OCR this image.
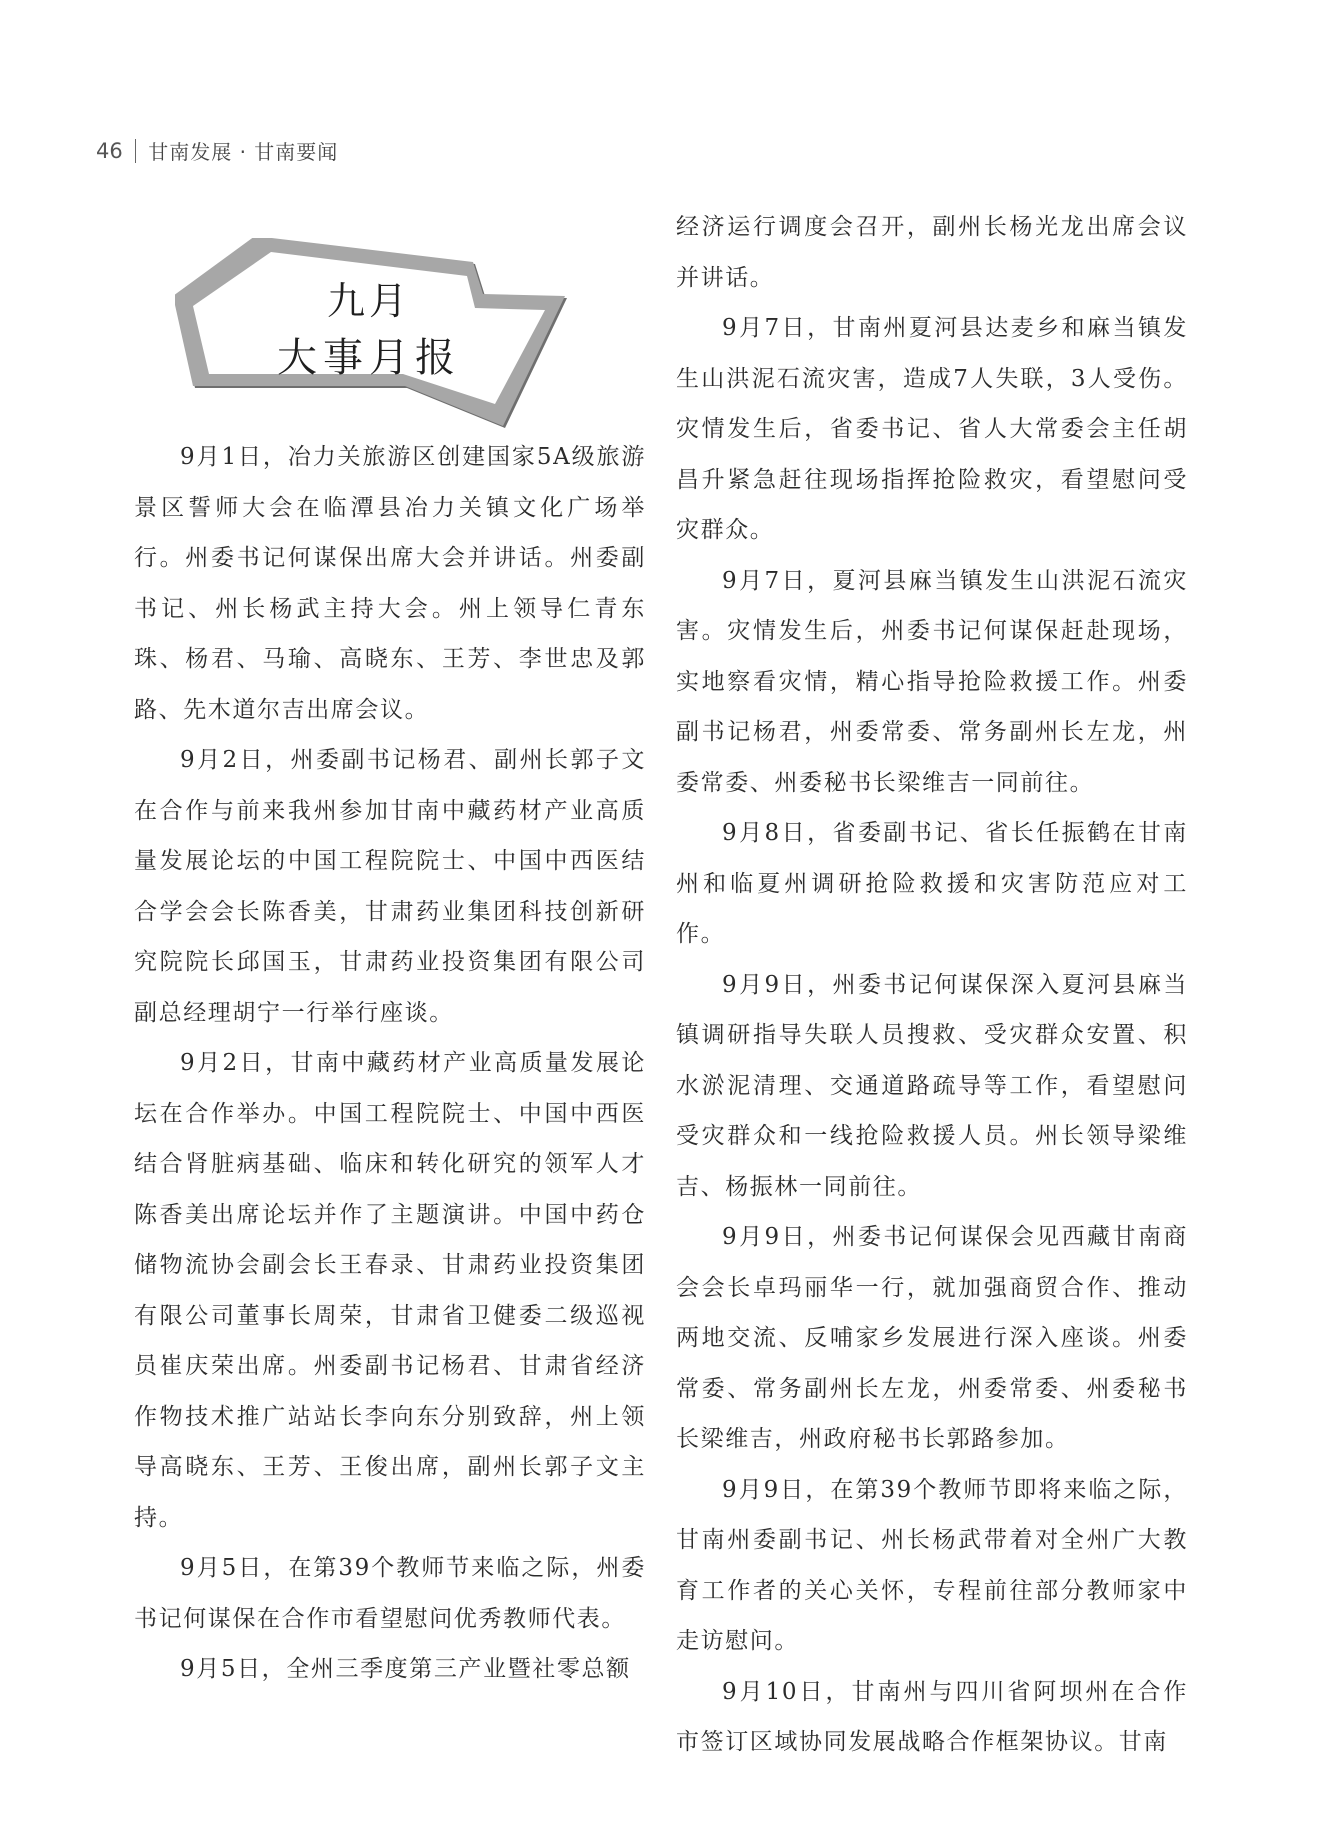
46 甘南发展 · 甘南要闻
九月
大事月报

9月1日，冶力关旅游区创建国家5A级旅游景区誓师大会在临潭县冶力关镇文化广场举行。州委书记何谋保出席大会并讲话。州委副书记、州长杨武主持大会。州上领导仁青东珠、杨君、马瑜、高晓东、王芳、李世忠及郭路、先木道尔吉出席会议。

9月2日，州委副书记杨君、副州长郭子文在合作与前来我州参加甘南中藏药材产业高质量发展论坛的中国工程院院士、中国中西医结合学会会长陈香美，甘肃药业集团科技创新研究院院长邱国玉，甘肃药业投资集团有限公司副总经理胡宁一行举行座谈。

9月2日，甘南中藏药材产业高质量发展论坛在合作举办。中国工程院院士、中国中西医结合肾脏病基础、临床和转化研究的领军人才陈香美出席论坛并作了主题演讲。中国中药仓储物流协会副会长王春录、甘肃药业投资集团有限公司董事长周荣，甘肃省卫健委二级巡视员崔庆荣出席。州委副书记杨君、甘肃省经济作物技术推广站站长李向东分别致辞，州上领导高晓东、王芳、王俊出席，副州长郭子文主持。

9月5日，在第39个教师节来临之际，州委书记何谋保在合作市看望慰问优秀教师代表。

9月5日，全州三季度第三产业暨社零总额

经济运行调度会召开，副州长杨光龙出席会议并讲话。

9月7日，甘南州夏河县达麦乡和麻当镇发生山洪泥石流灾害，造成7人失联，3人受伤。灾情发生后，省委书记、省人大常委会主任胡昌升紧急赶往现场指挥抢险救灾，看望慰问受灾群众。

9月7日，夏河县麻当镇发生山洪泥石流灾害。灾情发生后，州委书记何谋保赶赴现场，实地察看灾情，精心指导抢险救援工作。州委副书记杨君，州委常委、常务副州长左龙，州委常委、州委秘书长梁维吉一同前往。

9月8日，省委副书记、省长任振鹤在甘南州和临夏州调研抢险救援和灾害防范应对工作。

9月9日，州委书记何谋保深入夏河县麻当镇调研指导失联人员搜救、受灾群众安置、积水淤泥清理、交通道路疏导等工作，看望慰问受灾群众和一线抢险救援人员。州长领导梁维吉、杨振林一同前往。

9月9日，州委书记何谋保会见西藏甘南商会会长卓玛丽华一行，就加强商贸合作、推动两地交流、反哺家乡发展进行深入座谈。州委常委、常务副州长左龙，州委常委、州委秘书长梁维吉，州政府秘书长郭路参加。

9月9日，在第39个教师节即将来临之际，甘南州委副书记、州长杨武带着对全州广大教育工作者的关心关怀，专程前往部分教师家中走访慰问。

9月10日，甘南州与四川省阿坝州在合作市签订区域协同发展战略合作框架协议。甘南
